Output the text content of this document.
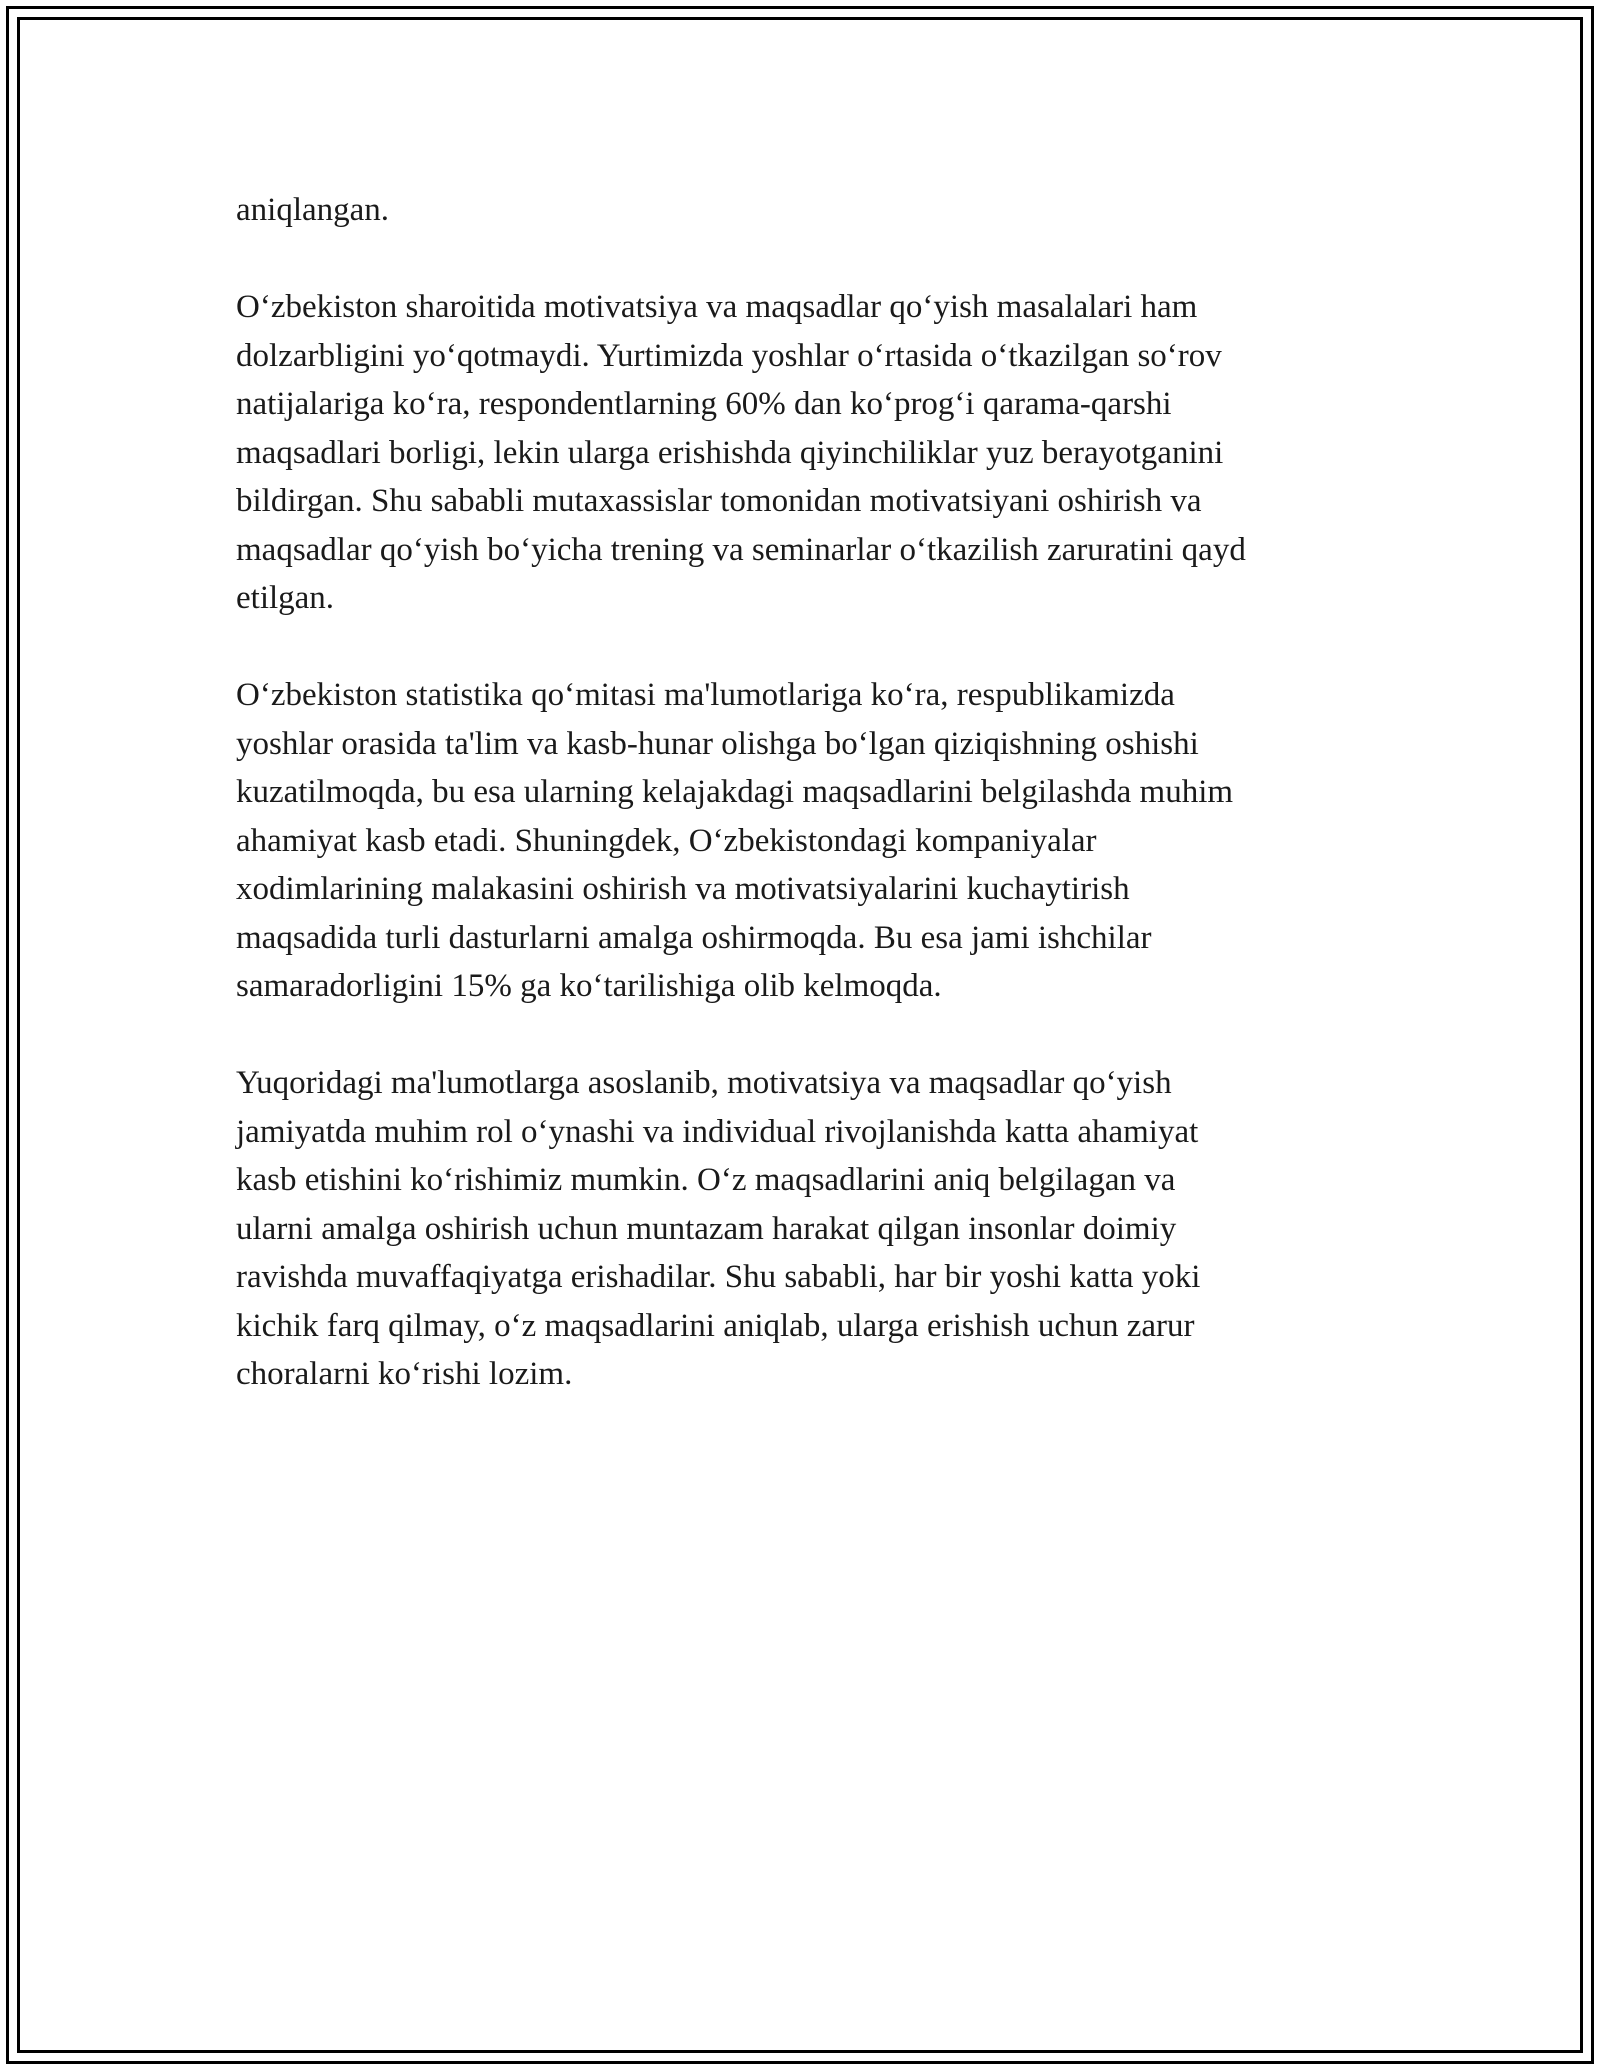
aniqlangan.

O‘zbekiston sharoitida motivatsiya va maqsadlar qo‘yish masalalari ham
dolzarbligini yo‘qotmaydi. Yurtimizda yoshlar o‘rtasida o‘tkazilgan so‘rov
natijalariga ko‘ra, respondentlarning 60% dan ko‘prog‘i qarama-qarshi
maqsadlari borligi, lekin ularga erishishda qiyinchiliklar yuz berayotganini
bildirgan. Shu sababli mutaxassislar tomonidan motivatsiyani oshirish va
maqsadlar qo‘yish bo‘yicha trening va seminarlar o‘tkazilish zaruratini qayd
etilgan.

O‘zbekiston statistika qo‘mitasi ma'lumotlariga ko‘ra, respublikamizda
yoshlar orasida ta'lim va kasb-hunar olishga bo‘lgan qiziqishning oshishi
kuzatilmoqda, bu esa ularning kelajakdagi maqsadlarini belgilashda muhim
ahamiyat kasb etadi. Shuningdek, O‘zbekistondagi kompaniyalar
xodimlarining malakasini oshirish va motivatsiyalarini kuchaytirish
maqsadida turli dasturlarni amalga oshirmoqda. Bu esa jami ishchilar
samaradorligini 15% ga ko‘tarilishiga olib kelmoqda.

Yuqoridagi ma'lumotlarga asoslanib, motivatsiya va maqsadlar qo‘yish
jamiyatda muhim rol o‘ynashi va individual rivojlanishda katta ahamiyat
kasb etishini ko‘rishimiz mumkin. O‘z maqsadlarini aniq belgilagan va
ularni amalga oshirish uchun muntazam harakat qilgan insonlar doimiy
ravishda muvaffaqiyatga erishadilar. Shu sababli, har bir yoshi katta yoki
kichik farq qilmay, o‘z maqsadlarini aniqlab, ularga erishish uchun zarur
choralarni ko‘rishi lozim.
